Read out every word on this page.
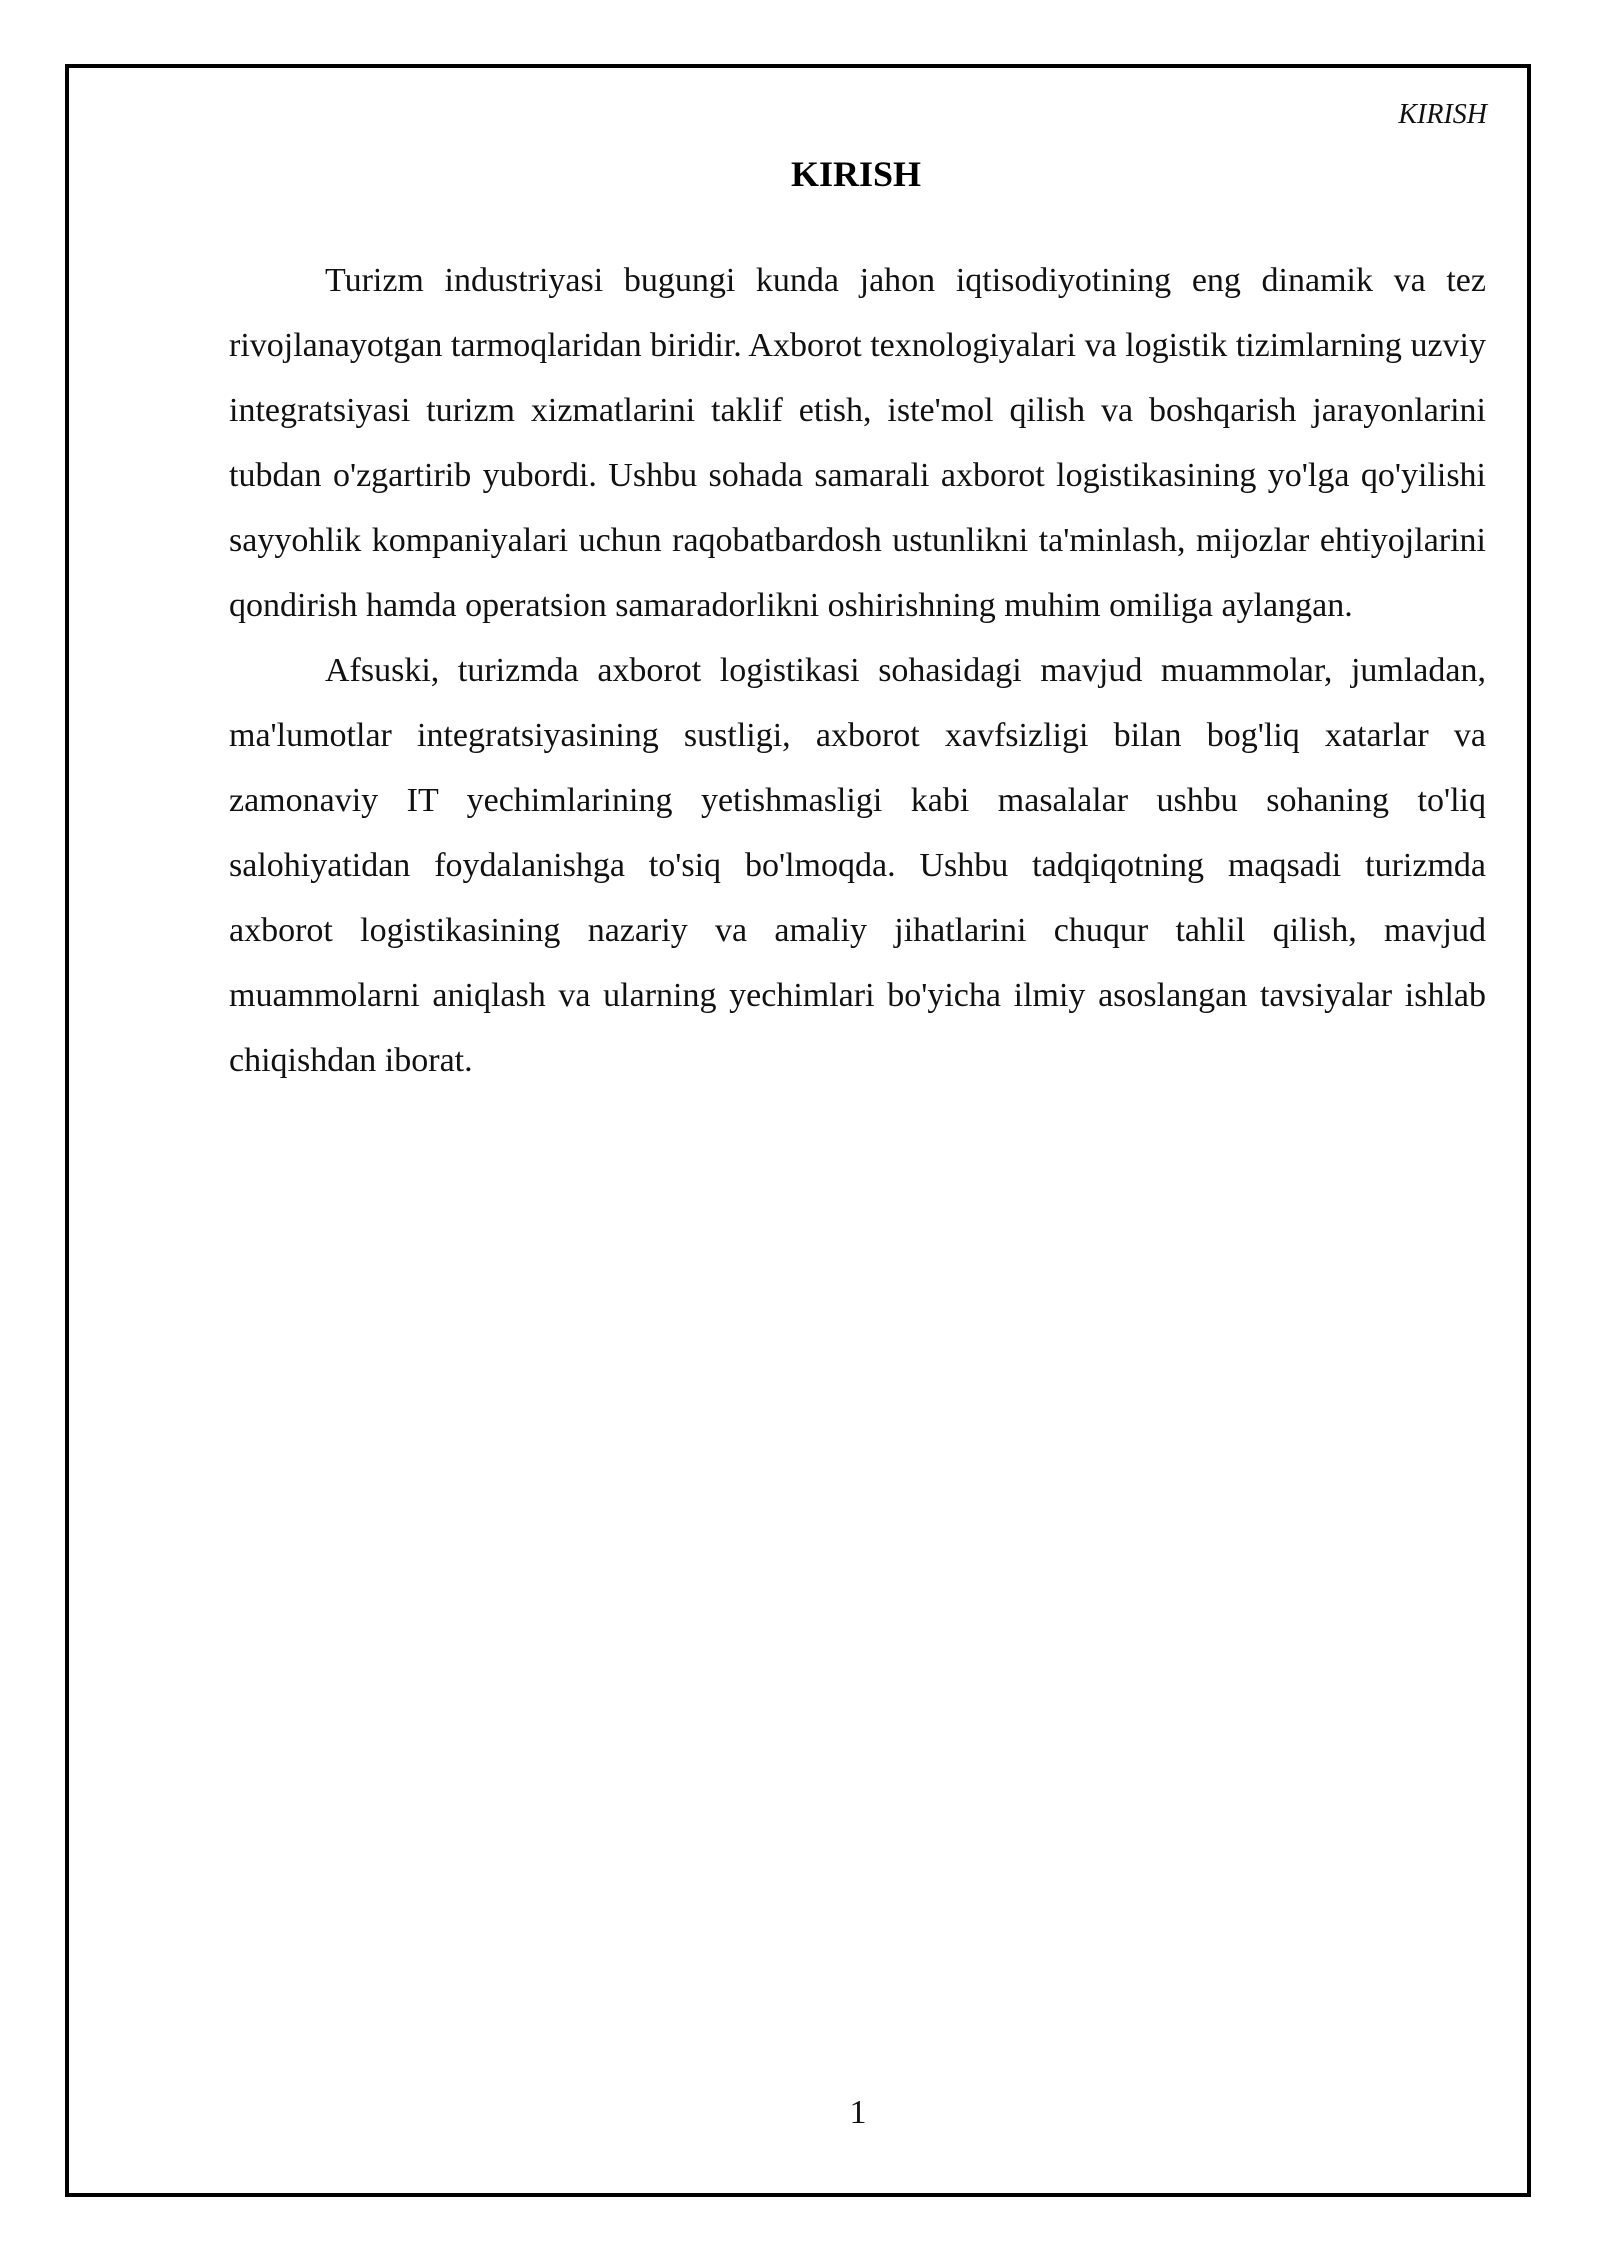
KIRISH
KIRISH

Turizm industriyasi bugungi kunda jahon iqtisodiyotining eng dinamik va tez rivojlanayotgan tarmoqlaridan biridir. Axborot texnologiyalari va logistik tizimlarning uzviy integratsiyasi turizm xizmatlarini taklif etish, iste'mol qilish va boshqarish jarayonlarini tubdan o'zgartirib yubordi. Ushbu sohada samarali axborot logistikasining yo'lga qo'yilishi sayyohlik kompaniyalari uchun raqobatbardosh ustunlikni ta'minlash, mijozlar ehtiyojlarini qondirish hamda operatsion samaradorlikni oshirishning muhim omiliga aylangan.

Afsuski, turizmda axborot logistikasi sohasidagi mavjud muammolar, jumladan, ma'lumotlar integratsiyasining sustligi, axborot xavfsizligi bilan bog'liq xatarlar va zamonaviy IT yechimlarining yetishmasligi kabi masalalar ushbu sohaning to'liq salohiyatidan foydalanishga to'siq bo'lmoqda. Ushbu tadqiqotning maqsadi turizmda axborot logistikasining nazariy va amaliy jihatlarini chuqur tahlil qilish, mavjud muammolarni aniqlash va ularning yechimlari bo'yicha ilmiy asoslangan tavsiyalar ishlab chiqishdan iborat.

1
